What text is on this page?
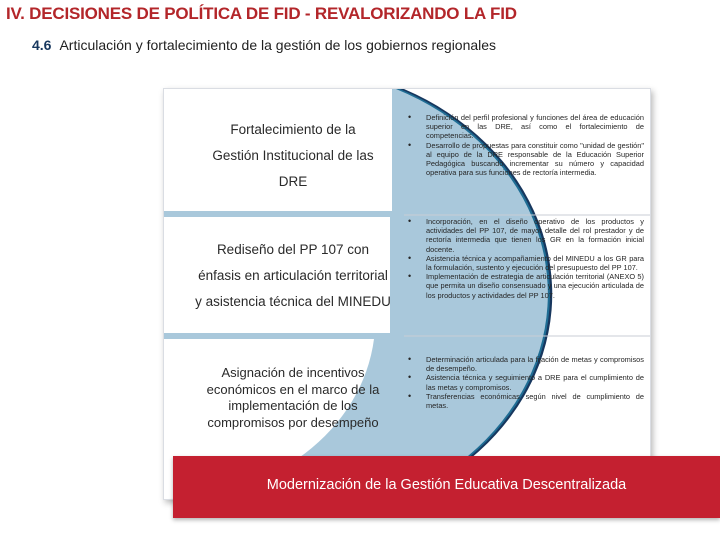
IV. DECISIONES DE POLÍTICA DE FID - REVALORIZANDO LA FID
4.6 Articulación y fortalecimiento de la gestión de los gobiernos regionales
Fortalecimiento de la
Gestión Institucional de las
DRE
• Definición del perfil profesional y funciones del área de educación superior en las DRE, así como el fortalecimiento de competencias.
• Desarrollo de propuestas para constituir como "unidad de gestión" al equipo de la DRE responsable de la Educación Superior Pedagógica buscando incrementar su número y capacidad operativa para sus funciones de rectoría intermedia.
Rediseño del PP 107 con
énfasis en articulación territorial
y asistencia técnica del MINEDU
• Incorporación, en el diseño operativo de los productos y actividades del PP 107, de mayor detalle del rol prestador y de rectoría intermedia que tienen los GR en la formación inicial docente.
• Asistencia técnica y acompañamiento del MINEDU a los GR para la formulación, sustento y ejecución del presupuesto del PP 107.
• Implementación de estrategia de articulación territorial (ANEXO 5) que permita un diseño consensuado y una ejecución articulada de los productos y actividades del PP 107.
Asignación de incentivos
económicos en el marco de la
implementación de los
compromisos por desempeño
• Determinación articulada para la fijación de metas y compromisos de desempeño.
• Asistencia técnica y seguimiento a DRE para el cumplimiento de las metas y compromisos.
• Transferencias económicas según nivel de cumplimiento de metas.
Modernización de la Gestión Educativa Descentralizada
